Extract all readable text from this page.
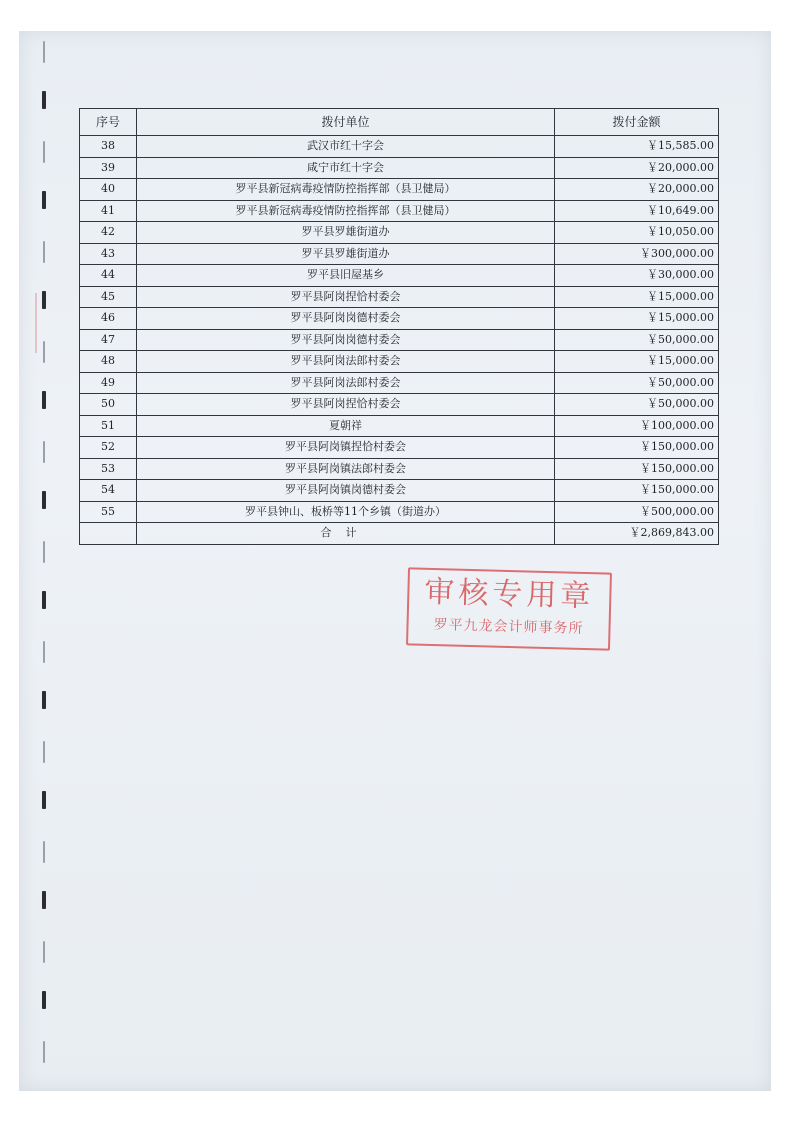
序号	拨付单位	拨付金额
38	武汉市红十字会	￥15,585.00
39	咸宁市红十字会	￥20,000.00
40	罗平县新冠病毒疫情防控指挥部（县卫健局）	￥20,000.00
41	罗平县新冠病毒疫情防控指挥部（县卫健局）	￥10,649.00
42	罗平县罗雄街道办	￥10,050.00
43	罗平县罗雄街道办	￥300,000.00
44	罗平县旧屋基乡	￥30,000.00
45	罗平县阿岗捏恰村委会	￥15,000.00
46	罗平县阿岗岗德村委会	￥15,000.00
47	罗平县阿岗岗德村委会	￥50,000.00
48	罗平县阿岗法郎村委会	￥15,000.00
49	罗平县阿岗法郎村委会	￥50,000.00
50	罗平县阿岗捏恰村委会	￥50,000.00
51	夏朝祥	￥100,000.00
52	罗平县阿岗镇捏恰村委会	￥150,000.00
53	罗平县阿岗镇法郎村委会	￥150,000.00
54	罗平县阿岗镇岗德村委会	￥150,000.00
55	罗平县钟山、板桥等11个乡镇（街道办）	￥500,000.00
	合计	￥2,869,843.00
审核专用章
罗平九龙会计师事务所
